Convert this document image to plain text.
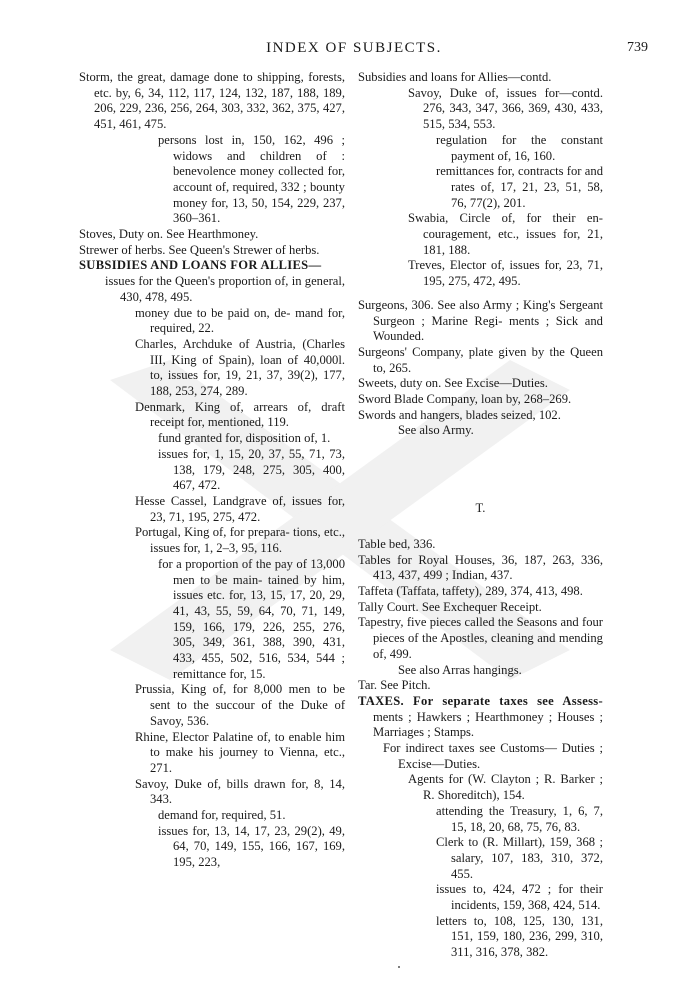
INDEX OF SUBJECTS.	739

Storm, the great, damage done to shipping, forests, etc. by, 6, 34, 112, 117, 124, 132, 187, 188, 189, 206, 229, 236, 256, 264, 303, 332, 362, 375, 427, 451, 461, 475.

persons lost in, 150, 162, 496 ; widows and children of : benevolence money collected for, account of, required, 332 ; bounty money for, 13, 50, 154, 229, 237, 360–361.

Stoves, Duty on. See Hearthmoney.

Strewer of herbs. See Queen's Strewer of herbs.

SUBSIDIES AND LOANS FOR ALLIES—

issues for the Queen's proportion of, in general, 430, 478, 495.

money due to be paid on, de- mand for, required, 22.

Charles, Archduke of Austria, (Charles III, King of Spain), loan of 40,000l. to, issues for, 19, 21, 37, 39(2), 177, 188, 253, 274, 289.

Denmark, King of, arrears of, draft receipt for, mentioned, 119.

fund granted for, disposition of, 1.

issues for, 1, 15, 20, 37, 55, 71, 73, 138, 179, 248, 275, 305, 400, 467, 472.

Hesse Cassel, Landgrave of, issues for, 23, 71, 195, 275, 472.

Portugal, King of, for prepara- tions, etc., issues for, 1, 2–3, 95, 116.

for a proportion of the pay of 13,000 men to be main- tained by him, issues etc. for, 13, 15, 17, 20, 29, 41, 43, 55, 59, 64, 70, 71, 149, 159, 166, 179, 226, 255, 276, 305, 349, 361, 388, 390, 431, 433, 455, 502, 516, 534, 544 ; remittance for, 15.

Prussia, King of, for 8,000 men to be sent to the succour of the Duke of Savoy, 536.

Rhine, Elector Palatine of, to enable him to make his journey to Vienna, etc., 271.

Savoy, Duke of, bills drawn for, 8, 14, 343.

demand for, required, 51.

issues for, 13, 14, 17, 23, 29(2), 49, 64, 70, 149, 155, 166, 167, 169, 195, 223,

Subsidies and loans for Allies—contd.

Savoy, Duke of, issues for—contd. 276, 343, 347, 366, 369, 430, 433, 515, 534, 553.

regulation for the constant payment of, 16, 160.

remittances for, contracts for and rates of, 17, 21, 23, 51, 58, 76, 77(2), 201.

Swabia, Circle of, for their en- couragement, etc., issues for, 21, 181, 188.

Treves, Elector of, issues for, 23, 71, 195, 275, 472, 495.

Surgeons, 306. See also Army ; King's Sergeant Surgeon ; Marine Regi- ments ; Sick and Wounded.

Surgeons' Company, plate given by the Queen to, 265.

Sweets, duty on. See Excise—Duties.

Sword Blade Company, loan by, 268–269.

Swords and hangers, blades seized, 102.

See also Army.

T.

Table bed, 336.

Tables for Royal Houses, 36, 187, 263, 336, 413, 437, 499 ; Indian, 437.

Taffeta (Taffata, taffety), 289, 374, 413, 498.

Tally Court. See Exchequer Receipt.

Tapestry, five pieces called the Seasons and four pieces of the Apostles, cleaning and mending of, 499.

See also Arras hangings.

Tar. See Pitch.

TAXES. For separate taxes see Assess- ments ; Hawkers ; Hearthmoney ; Houses ; Marriages ; Stamps.

For indirect taxes see Customs— Duties ; Excise—Duties.

Agents for (W. Clayton ; R. Barker ; R. Shoreditch), 154.

attending the Treasury, 1, 6, 7, 15, 18, 20, 68, 75, 76, 83.

Clerk to (R. Millart), 159, 368 ; salary, 107, 183, 310, 372, 455.

issues to, 424, 472 ; for their incidents, 159, 368, 424, 514.

letters to, 108, 125, 130, 131, 151, 159, 180, 236, 299, 310, 311, 316, 378, 382.
